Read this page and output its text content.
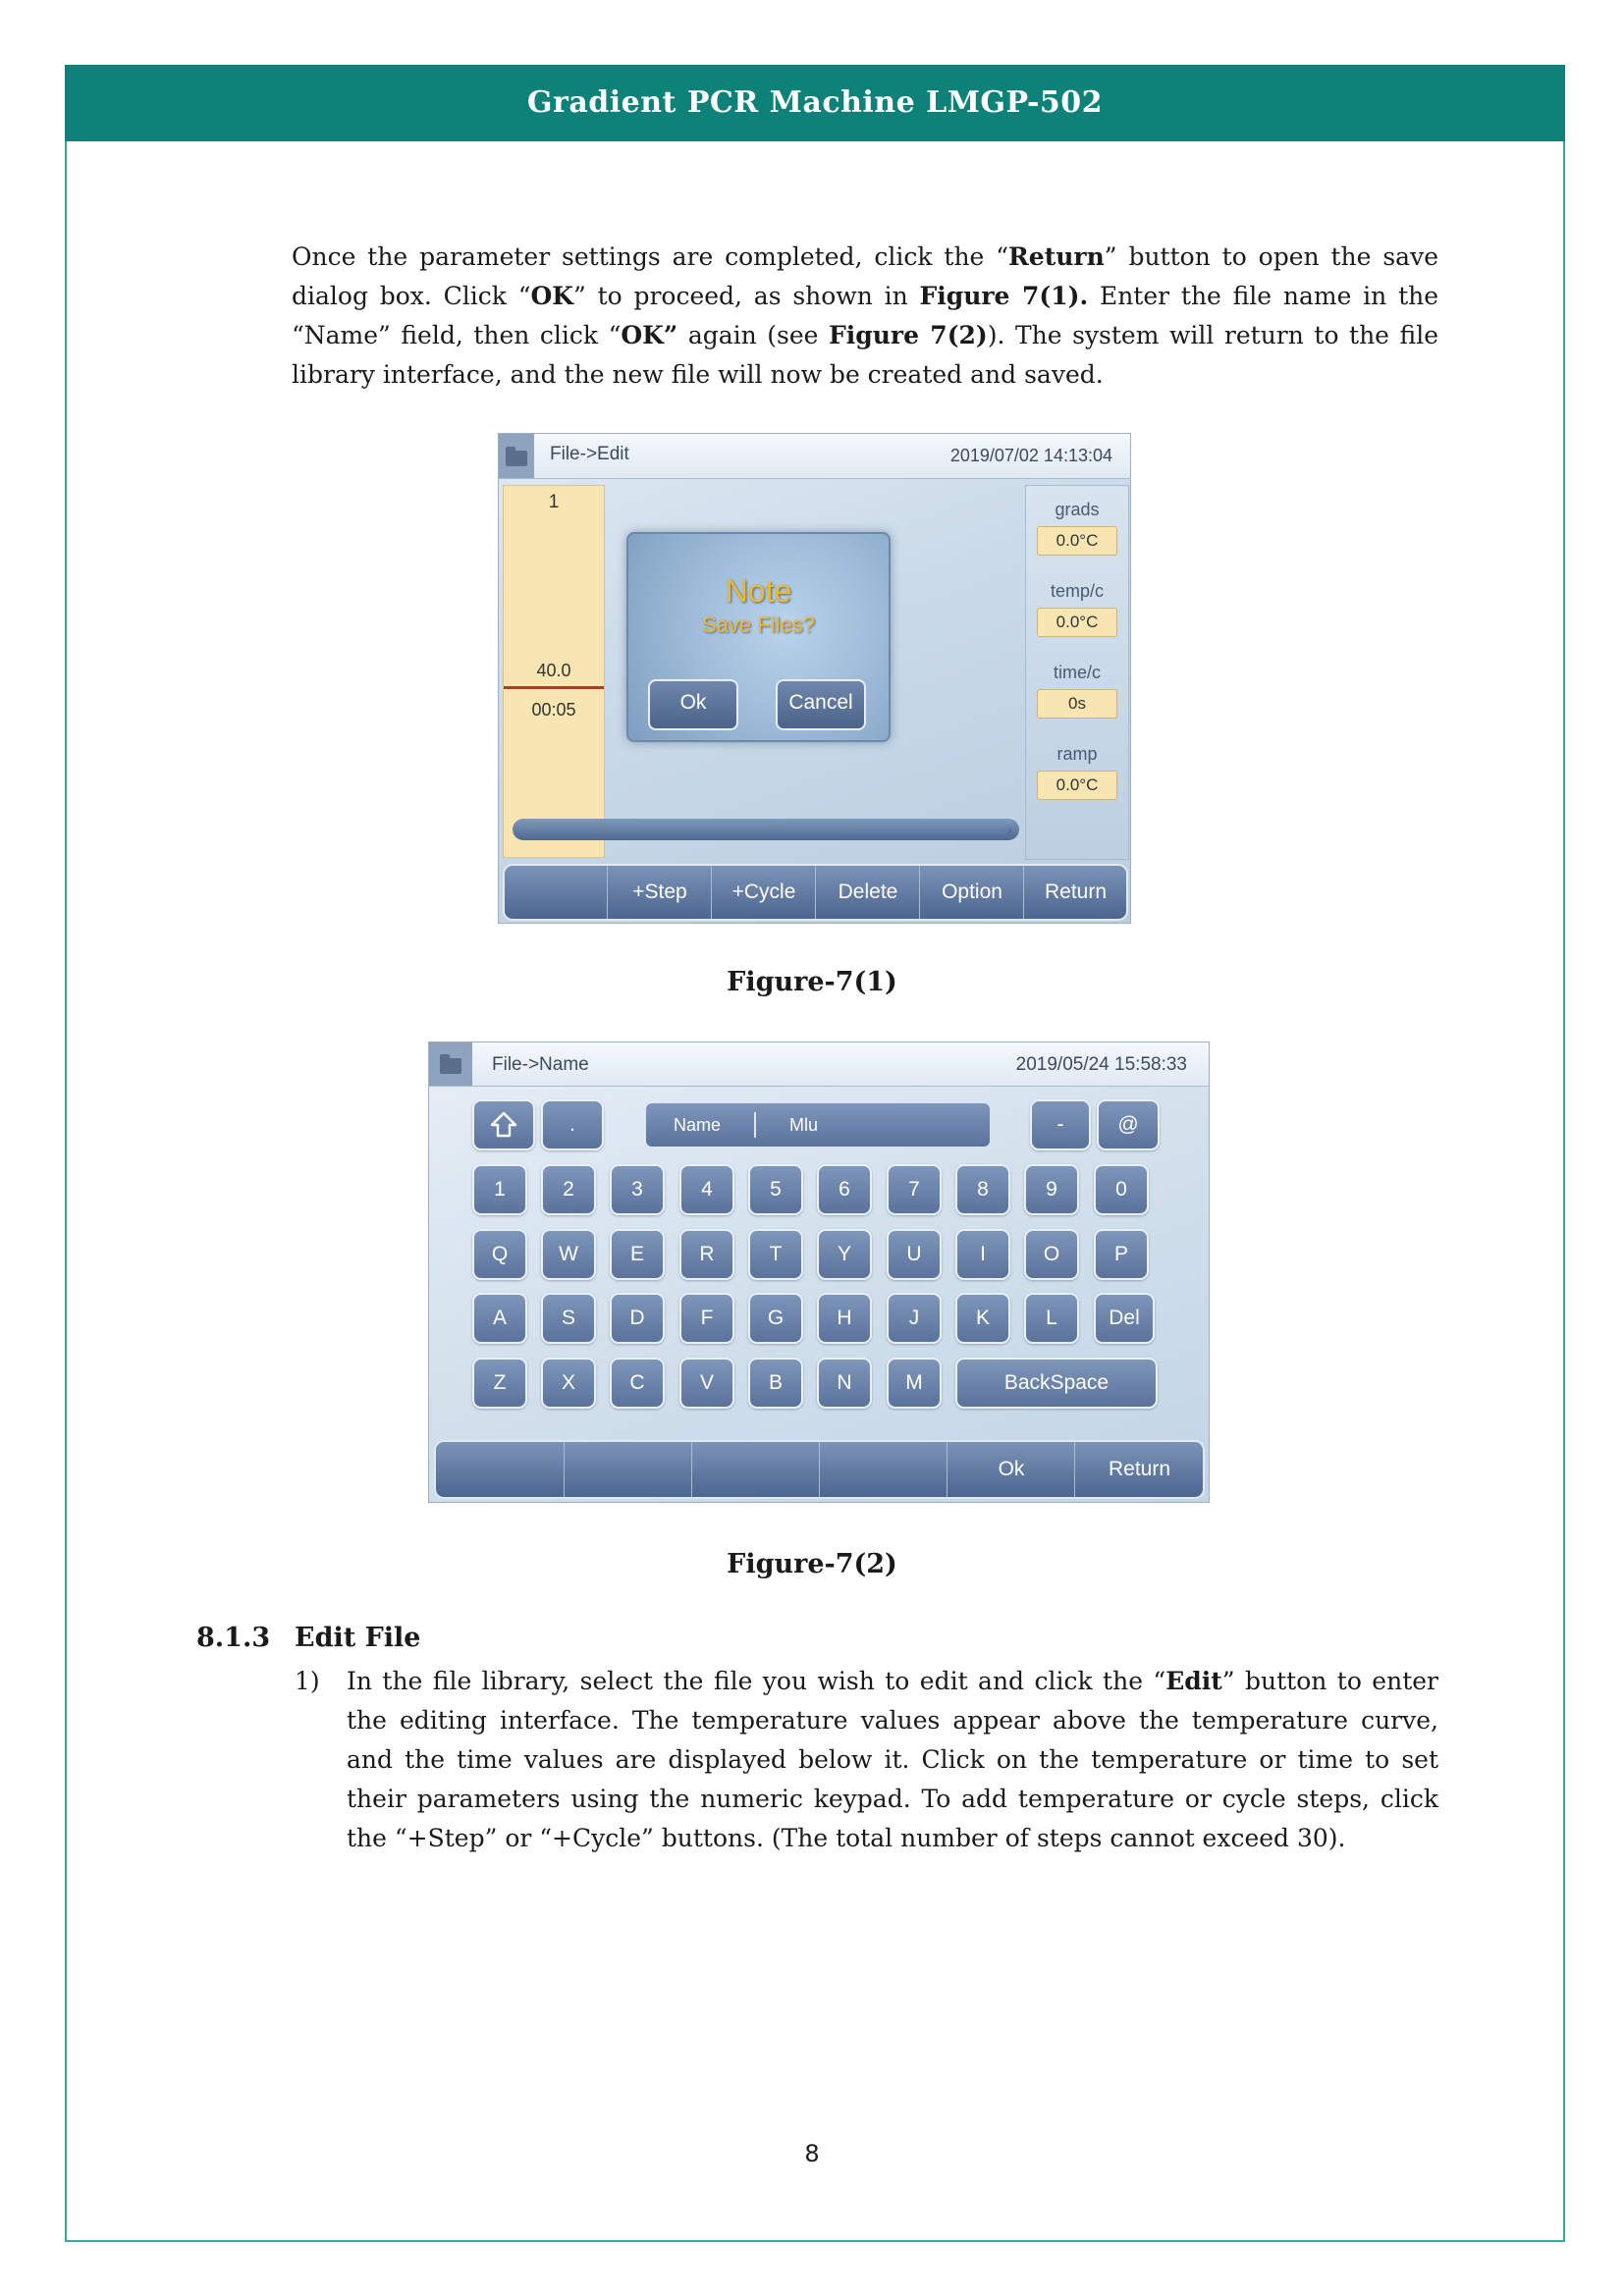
Gradient PCR Machine LMGP-502
Once the parameter settings are completed, click the “Return” button to open the save dialog box. Click “OK” to proceed, as shown in Figure 7(1). Enter the file name in the “Name” field, then click “OK” again (see Figure 7(2)). The system will return to the file library interface, and the new file will now be created and saved.
File->Edit	2019/07/02 14:13:04
1
40.0
00:05
Note
Save Files?
Ok	Cancel
›
grads
0.0°C
temp/c
0.0°C
time/c
0s
ramp
0.0°C
+Step	+Cycle	Delete	Option	Return
Figure-7(1)
File->Name	2019/05/24 15:58:33
.	Name	Mlu	-	@
1	2	3	4	5	6	7	8	9	0
Q	W	E	R	T	Y	U	I	O	P
A	S	D	F	G	H	J	K	L	Del
Z	X	C	V	B	N	M	BackSpace
Ok	Return
Figure-7(2)
8.1.3 Edit File
1) In the file library, select the file you wish to edit and click the “Edit” button to enter the editing interface. The temperature values appear above the temperature curve, and the time values are displayed below it. Click on the temperature or time to set their parameters using the numeric keypad. To add temperature or cycle steps, click the “+Step” or “+Cycle” buttons. (The total number of steps cannot exceed 30).
8
